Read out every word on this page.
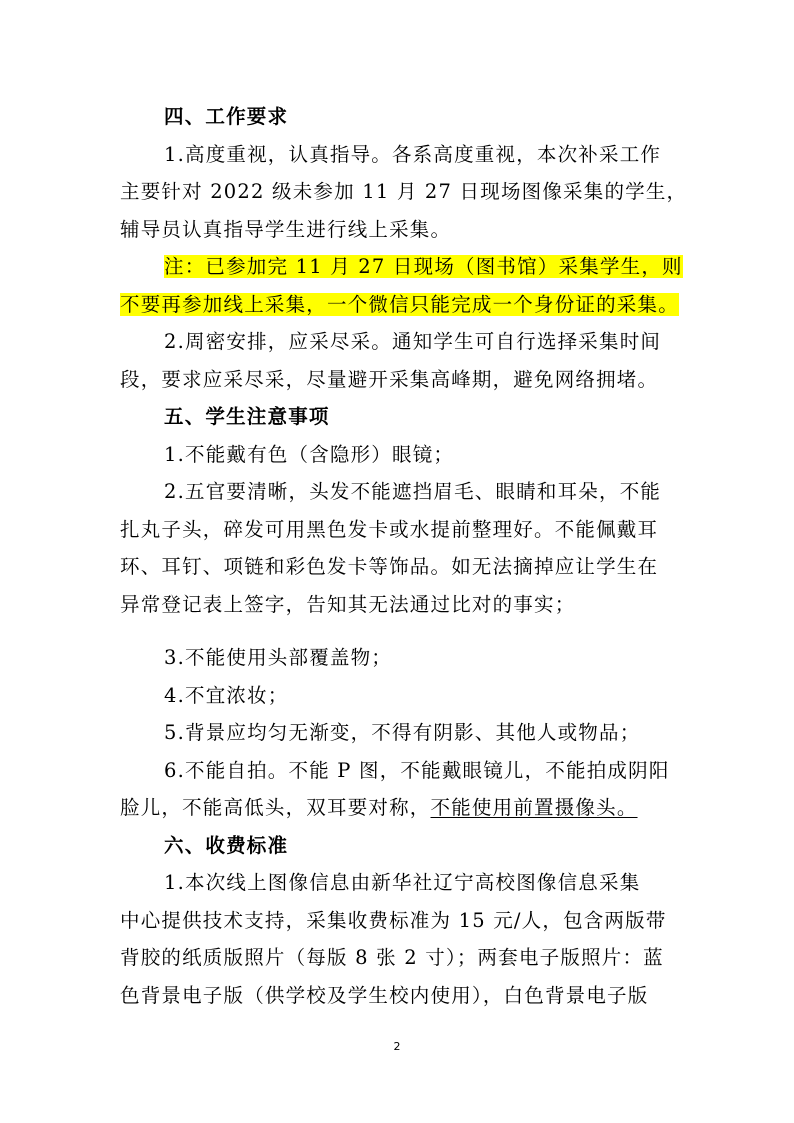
四、工作要求
1.高度重视，认真指导。各系高度重视，本次补采工作
主要针对 2022 级未参加 11 月 27 日现场图像采集的学生，
辅导员认真指导学生进行线上采集。
注：已参加完 11 月 27 日现场（图书馆）采集学生，则
不要再参加线上采集，一个微信只能完成一个身份证的采集。
2.周密安排，应采尽采。通知学生可自行选择采集时间
段，要求应采尽采，尽量避开采集高峰期，避免网络拥堵。
五、学生注意事项
1.不能戴有色（含隐形）眼镜；
2.五官要清晰，头发不能遮挡眉毛、眼睛和耳朵，不能
扎丸子头，碎发可用黑色发卡或水提前整理好。不能佩戴耳
环、耳钉、项链和彩色发卡等饰品。如无法摘掉应让学生在
异常登记表上签字，告知其无法通过比对的事实；
3.不能使用头部覆盖物；
4.不宜浓妆；
5.背景应均匀无渐变，不得有阴影、其他人或物品；
6.不能自拍。不能 P 图，不能戴眼镜儿，不能拍成阴阳
脸儿，不能高低头，双耳要对称，不能使用前置摄像头。
六、收费标准
1.本次线上图像信息由新华社辽宁高校图像信息采集
中心提供技术支持，采集收费标准为 15 元/人，包含两版带
背胶的纸质版照片（每版 8 张 2 寸）；两套电子版照片：蓝
色背景电子版（供学校及学生校内使用），白色背景电子版
2
